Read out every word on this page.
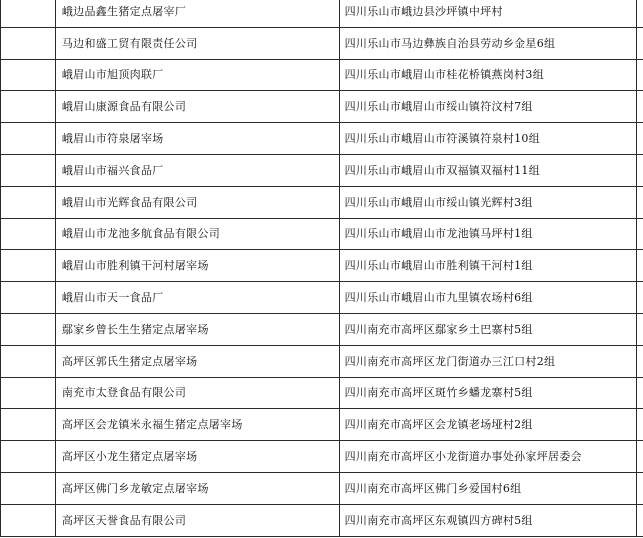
	峨边品鑫生猪定点屠宰厂	四川乐山市峨边县沙坪镇中坪村	
	马边和盛工贸有限责任公司	四川乐山市马边彝族自治县劳动乡金星6组	
	峨眉山市旭顶肉联厂	四川乐山市峨眉山市桂花桥镇燕岗村3组	
	峨眉山康源食品有限公司	四川乐山市峨眉山市绥山镇符汶村7组	
	峨眉山市符泉屠宰场	四川乐山市峨眉山市符溪镇符泉村10组	
	峨眉山市福兴食品厂	四川乐山市峨眉山市双福镇双福村11组	
	峨眉山市光辉食品有限公司	四川乐山市峨眉山市绥山镇光辉村3组	
	峨眉山市龙池多航食品有限公司	四川乐山市峨眉山市龙池镇马坪村1组	
	峨眉山市胜利镇干河村屠宰场	四川乐山市峨眉山市胜利镇干河村1组	
	峨眉山市天一食品厂	四川乐山市峨眉山市九里镇农场村6组	
	鄢家乡曾长生生猪定点屠宰场	四川南充市高坪区鄢家乡土巴寨村5组	
	高坪区郭氏生猪定点屠宰场	四川南充市高坪区龙门街道办三江口村2组	
	南充市太登食品有限公司	四川南充市高坪区斑竹乡蟠龙寨村5组	
	高坪区会龙镇米永福生猪定点屠宰场	四川南充市高坪区会龙镇老场垭村2组	
	高坪区小龙生猪定点屠宰场	四川南充市高坪区小龙街道办事处孙家坪居委会	
	高坪区佛门乡龙敏定点屠宰场	四川南充市高坪区佛门乡爱国村6组	
	高坪区天誉食品有限公司	四川南充市高坪区东观镇四方碑村5组	
